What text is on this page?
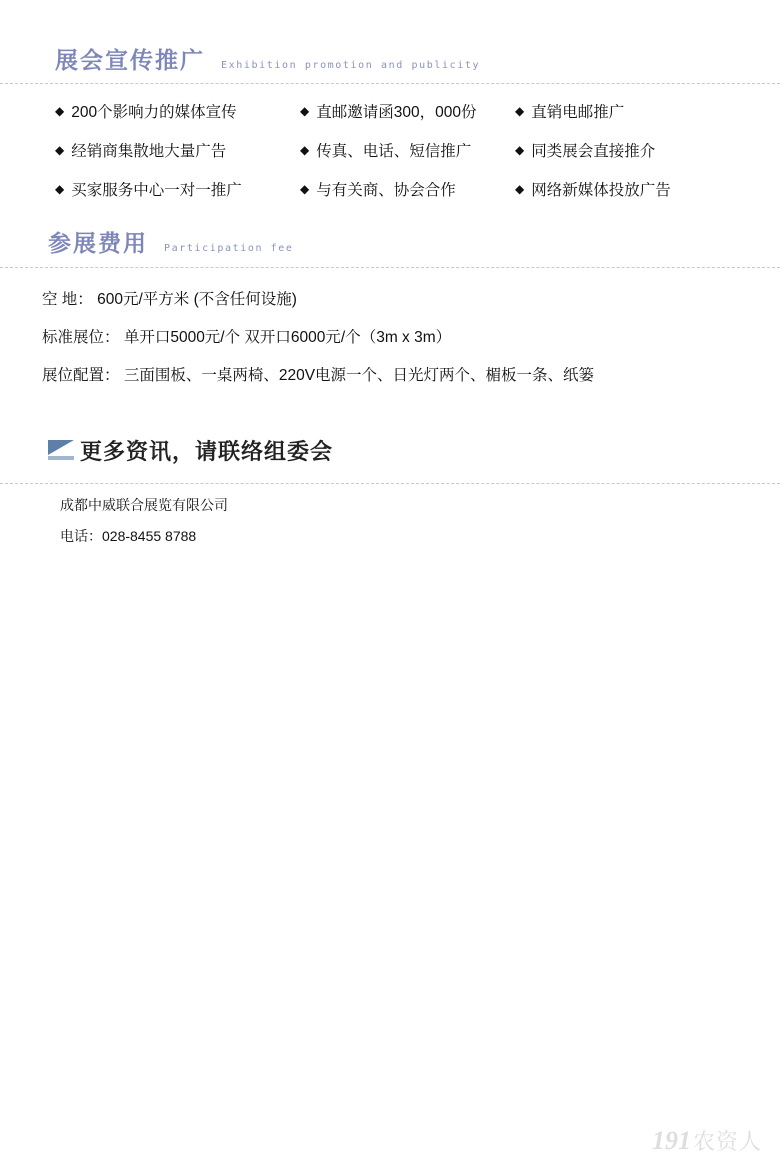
展会宣传推广 Exhibition promotion and publicity
◆ 200个影响力的媒体宣传	◆ 直邮邀请函300，000份	◆ 直销电邮推广
◆ 经销商集散地大量广告	◆ 传真、电话、短信推广	◆ 同类展会直接推介
◆ 买家服务中心一对一推广	◆ 与有关商、协会合作	◆ 网络新媒体投放广告
参展费用 Participation fee
空 地： 600元/平方米 (不含任何设施)
标准展位： 单开口5000元/个 双开口6000元/个（3m x 3m）
展位配置： 三面围板、一桌两椅、220V电源一个、日光灯两个、楣板一条、纸篓
更多资讯，请联络组委会
成都中威联合展览有限公司
电话：028-8455 8788
191 农资人
